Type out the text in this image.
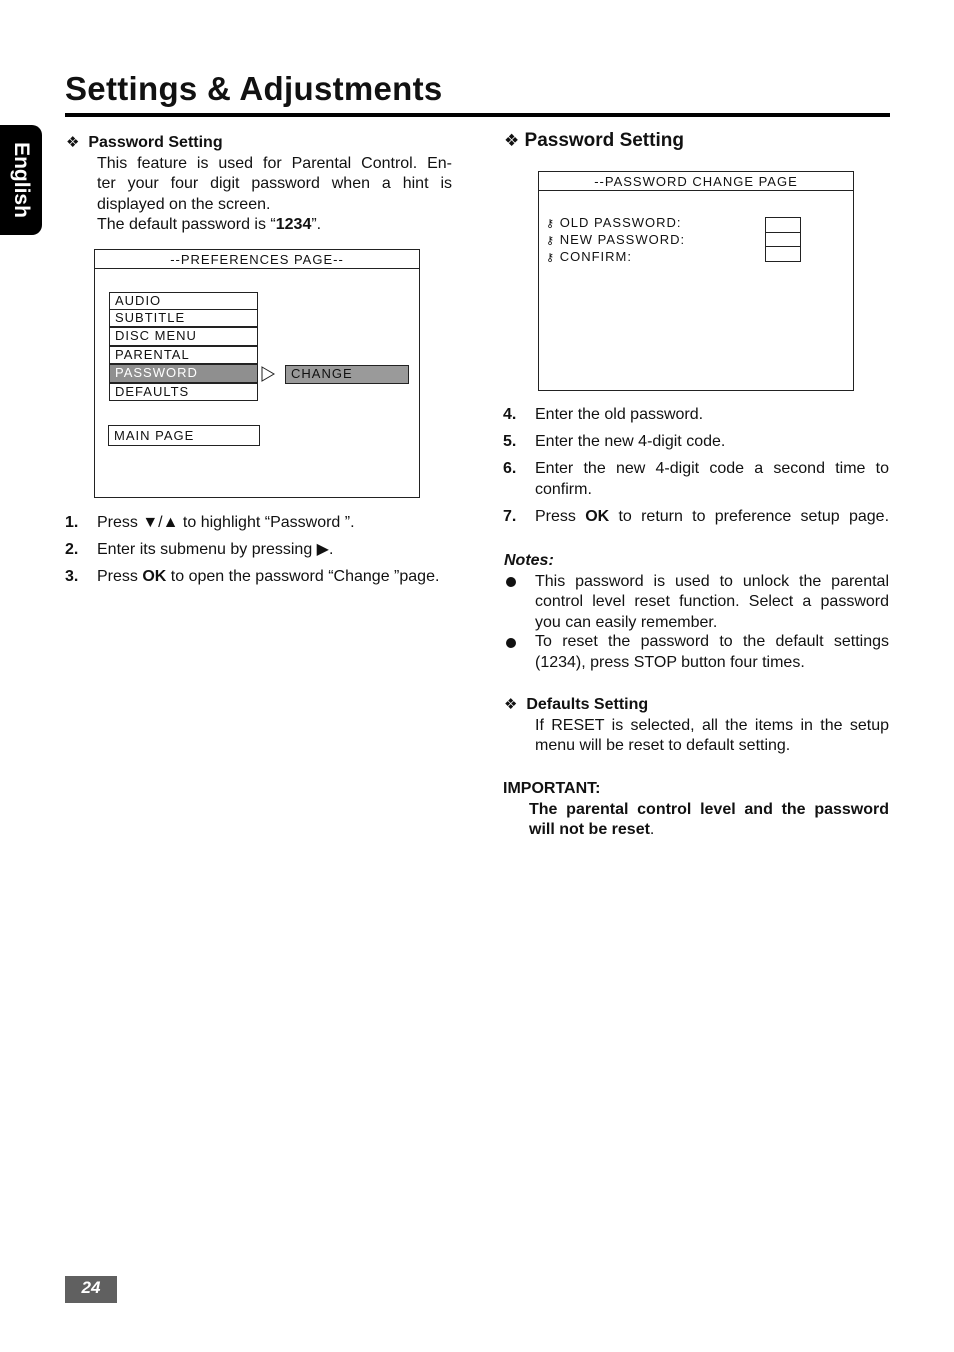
Settings & Adjustments
English ❖ Password Setting
This feature is used for Parental Control. En-
ter your four digit password when a hint is
displayed on the screen.
The default password is “1234”.
--PREFERENCES PAGE--
AUDIO
SUBTITLE
DISC MENU
PARENTAL
PASSWORD
DEFAULTS
CHANGE
MAIN PAGE
1. Press ▼/▲ to highlight “Password ”.
2. Enter its submenu by pressing ▶.
3. Press OK to open the password “Change ”page.
❖ Password Setting
--PASSWORD CHANGE PAGE
⚷ OLD PASSWORD:
⚷ NEW PASSWORD:
⚷ CONFIRM:
4. Enter the old password.
5. Enter the new 4-digit code.
6. Enter the new 4-digit code a second time to
confirm.
7. Press OK to return to preference setup page.
Notes:
This password is used to unlock the parental
control level reset function. Select a password
you can easily remember.
To reset the password to the default settings
(1234), press STOP button four times.
❖ Defaults Setting
If RESET is selected, all the items in the setup
menu will be reset to default setting.
IMPORTANT:
The parental control level and the password
will not be reset.
24
